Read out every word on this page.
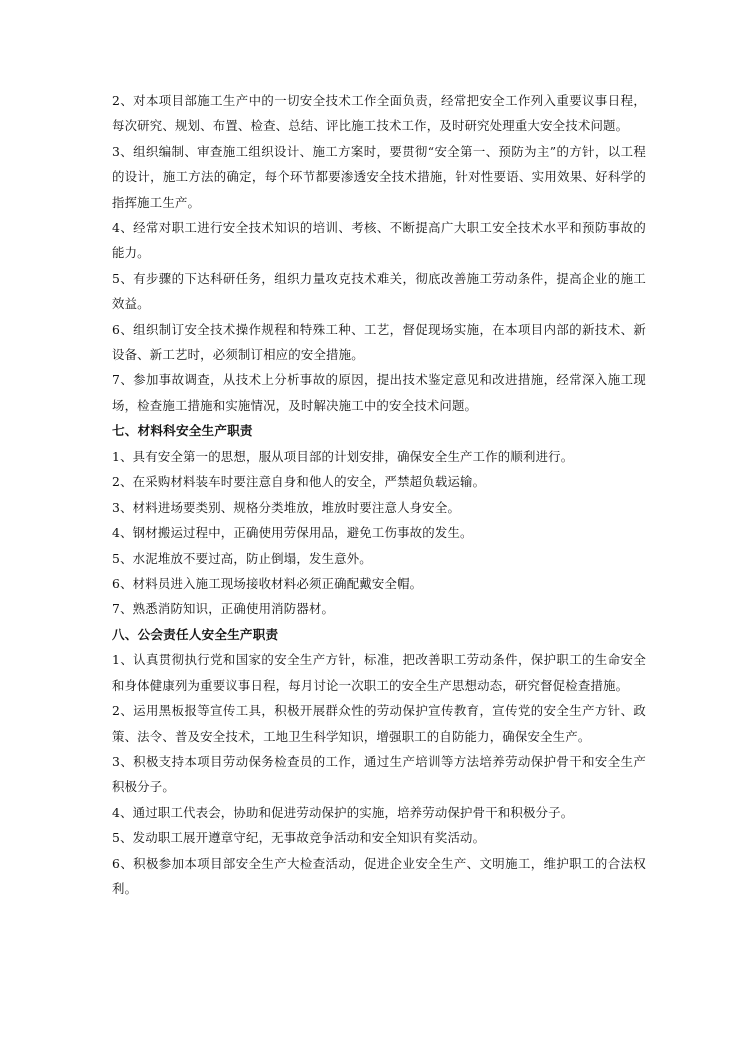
2、对本项目部施工生产中的一切安全技术工作全面负责，经常把安全工作列入重要议事日程，每次研究、规划、布置、检查、总结、评比施工技术工作，及时研究处理重大安全技术问题。

3、组织编制、审查施工组织设计、施工方案时，要贯彻“安全第一、预防为主”的方针，以工程的设计，施工方法的确定，每个环节都要渗透安全技术措施，针对性要语、实用效果、好科学的指挥施工生产。

4、经常对职工进行安全技术知识的培训、考核、不断提高广大职工安全技术水平和预防事故的能力。

5、有步骤的下达科研任务，组织力量攻克技术难关，彻底改善施工劳动条件，提高企业的施工效益。

6、组织制订安全技术操作规程和特殊工种、工艺，督促现场实施，在本项目内部的新技术、新设备、新工艺时，必须制订相应的安全措施。

7、参加事故调查，从技术上分析事故的原因，提出技术鉴定意见和改进措施，经常深入施工现场，检查施工措施和实施情况，及时解决施工中的安全技术问题。

七、材料科安全生产职责

1、具有安全第一的思想，服从项目部的计划安排，确保安全生产工作的顺利进行。

2、在采购材料装车时要注意自身和他人的安全，严禁超负载运输。

3、材料进场要类别、规格分类堆放，堆放时要注意人身安全。

4、钢材搬运过程中，正确使用劳保用品，避免工伤事故的发生。

5、水泥堆放不要过高，防止倒塌，发生意外。

6、材料员进入施工现场接收材料必须正确配戴安全帽。

7、熟悉消防知识，正确使用消防器材。

八、公会责任人安全生产职责

1、认真贯彻执行党和国家的安全生产方针，标准，把改善职工劳动条件，保护职工的生命安全和身体健康列为重要议事日程，每月讨论一次职工的安全生产思想动态，研究督促检查措施。

2、运用黑板报等宣传工具，积极开展群众性的劳动保护宣传教育，宣传党的安全生产方针、政策、法令、普及安全技术，工地卫生科学知识，增强职工的自防能力，确保安全生产。

3、积极支持本项目劳动保务检查员的工作，通过生产培训等方法培养劳动保护骨干和安全生产积极分子。

4、通过职工代表会，协助和促进劳动保护的实施，培养劳动保护骨干和积极分子。

5、发动职工展开遵章守纪，无事故竞争活动和安全知识有奖活动。

6、积极参加本项目部安全生产大检查活动，促进企业安全生产、文明施工，维护职工的合法权利。
